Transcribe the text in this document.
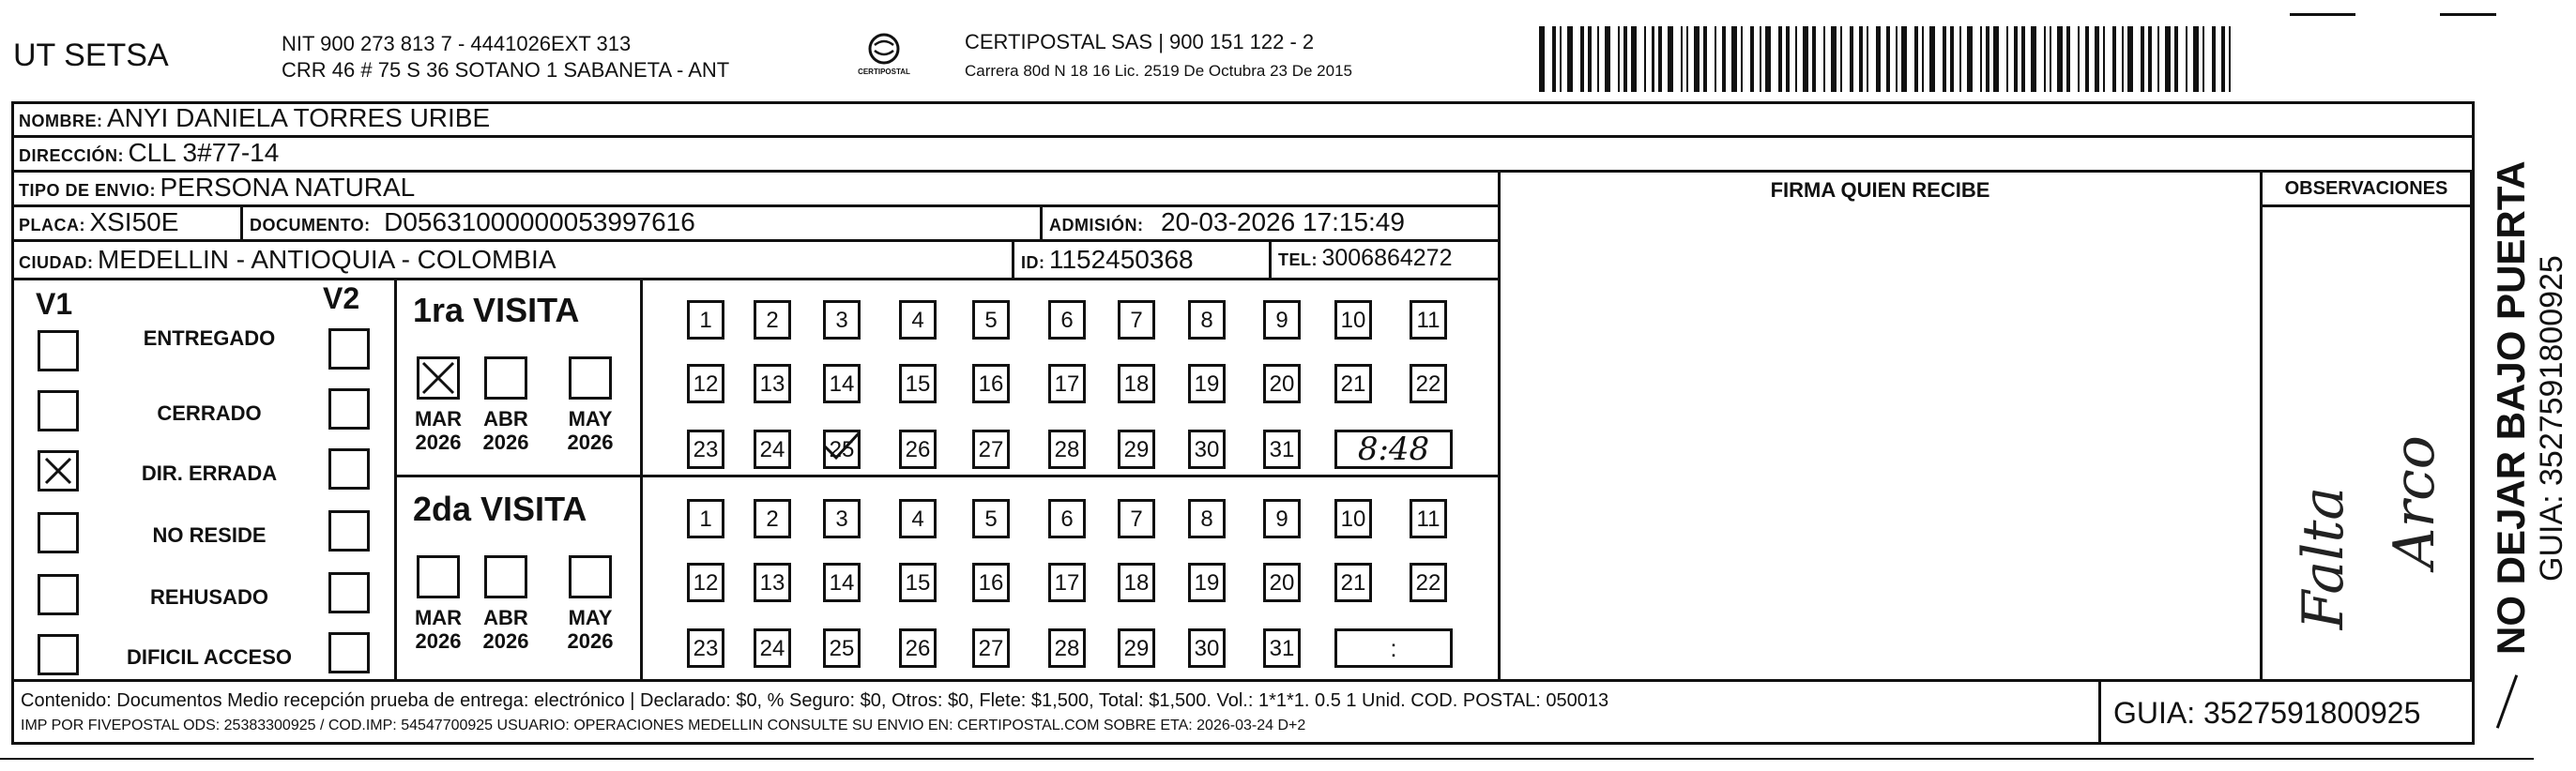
UT SETSA	NIT 900 273 813 7 - 4441026EXT 313
CRR 46 # 75 S 36 SOTANO 1 SABANETA - ANT	CERTIPOSTAL
CERTIPOSTAL SAS | 900 151 122 - 2
Carrera 80d N 18 16 Lic. 2519 De Octubra 23 De 2015
NOMBRE: ANYI DANIELA TORRES URIBE
DIRECCIÓN: CLL 3#77-14
TIPO DE ENVIO: PERSONA NATURAL
PLACA: XSI50E	DOCUMENTO: D05631000000053997616	ADMISIÓN: 20-03-2026 17:15:49
CIUDAD: MEDELLIN - ANTIOQUIA - COLOMBIA	ID: 1152450368	TEL: 3006864272
FIRMA QUIEN RECIBE	OBSERVACIONES
V1	V2
ENTREGADO
CERRADO
DIR. ERRADA
NO RESIDE
REHUSADO
DIFICIL ACCESO
1ra VISITA
MAR
2026
ABR
2026
MAY
2026
1	2	3	4	5	6	7	8	9	10	11
12 13 14 15 16 17 18 19 20 21 22
23 24 25 26 27 28 29 30 31	8:48
2da VISITA
MAR
2026
ABR
2026
MAY
2026
1	2	3	4	5	6	7	8	9	10	11
12 13 14 15 16 17 18 19 20 21 22
23 24 25 26 27 28 29 30 31	:
Falta Arco
Contenido: Documentos Medio recepción prueba de entrega: electrónico | Declarado: $0, % Seguro: $0, Otros: $0, Flete: $1,500, Total: $1,500. Vol.: 1*1*1. 0.5 1 Unid. COD. POSTAL: 050013
IMP POR FIVEPOSTAL ODS: 25383300925 / COD.IMP: 54547700925 USUARIO: OPERACIONES MEDELLIN CONSULTE SU ENVIO EN: CERTIPOSTAL.COM SOBRE ETA: 2026-03-24 D+2	GUIA: 3527591800925
NO DEJAR BAJO PUERTA GUIA: 3527591800925
